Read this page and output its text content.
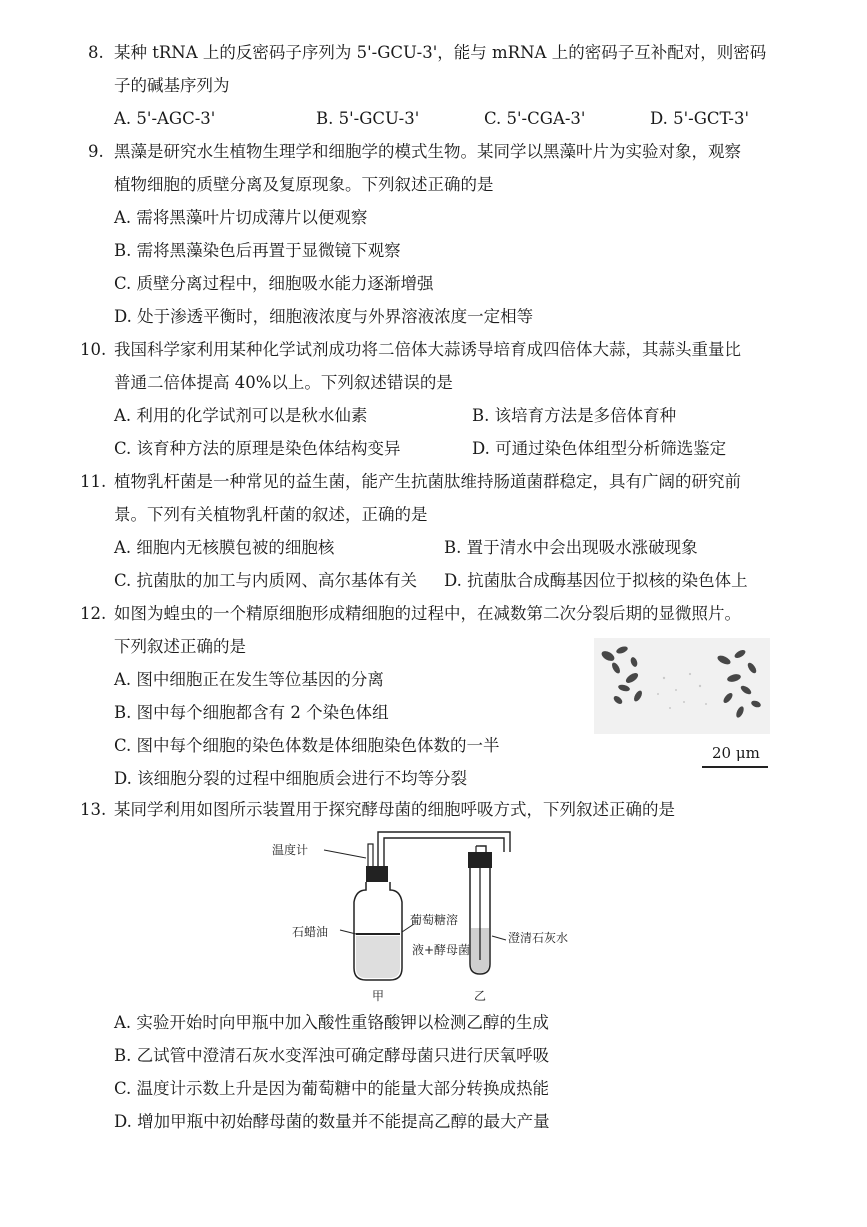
8. 某种 tRNA 上的反密码子序列为 5'-GCU-3'，能与 mRNA 上的密码子互补配对，则密码
子的碱基序列为
A. 5'-AGC-3'	B. 5'-GCU-3'	C. 5'-CGA-3'	D. 5'-GCT-3'
9. 黑藻是研究水生植物生理学和细胞学的模式生物。某同学以黑藻叶片为实验对象，观察
植物细胞的质壁分离及复原现象。下列叙述正确的是
A. 需将黑藻叶片切成薄片以便观察
B. 需将黑藻染色后再置于显微镜下观察
C. 质壁分离过程中，细胞吸水能力逐渐增强
D. 处于渗透平衡时，细胞液浓度与外界溶液浓度一定相等
10. 我国科学家利用某种化学试剂成功将二倍体大蒜诱导培育成四倍体大蒜，其蒜头重量比
普通二倍体提高 40%以上。下列叙述错误的是
A. 利用的化学试剂可以是秋水仙素	B. 该培育方法是多倍体育种
C. 该育种方法的原理是染色体结构变异	D. 可通过染色体组型分析筛选鉴定
11. 植物乳杆菌是一种常见的益生菌，能产生抗菌肽维持肠道菌群稳定，具有广阔的研究前
景。下列有关植物乳杆菌的叙述，正确的是
A. 细胞内无核膜包被的细胞核	B. 置于清水中会出现吸水涨破现象
C. 抗菌肽的加工与内质网、高尔基体有关 D. 抗菌肽合成酶基因位于拟核的染色体上
12. 如图为蝗虫的一个精原细胞形成精细胞的过程中，在减数第二次分裂后期的显微照片。
下列叙述正确的是
A. 图中细胞正在发生等位基因的分离
B. 图中每个细胞都含有 2 个染色体组
C. 图中每个细胞的染色体数是体细胞染色体数的一半
D. 该细胞分裂的过程中细胞质会进行不均等分裂
20 μm
13. 某同学利用如图所示装置用于探究酵母菌的细胞呼吸方式，下列叙述正确的是
温度计
石蜡油
葡萄糖溶
液+酵母菌
澄清石灰水
甲	乙
A. 实验开始时向甲瓶中加入酸性重铬酸钾以检测乙醇的生成
B. 乙试管中澄清石灰水变浑浊可确定酵母菌只进行厌氧呼吸
C. 温度计示数上升是因为葡萄糖中的能量大部分转换成热能
D. 增加甲瓶中初始酵母菌的数量并不能提高乙醇的最大产量
